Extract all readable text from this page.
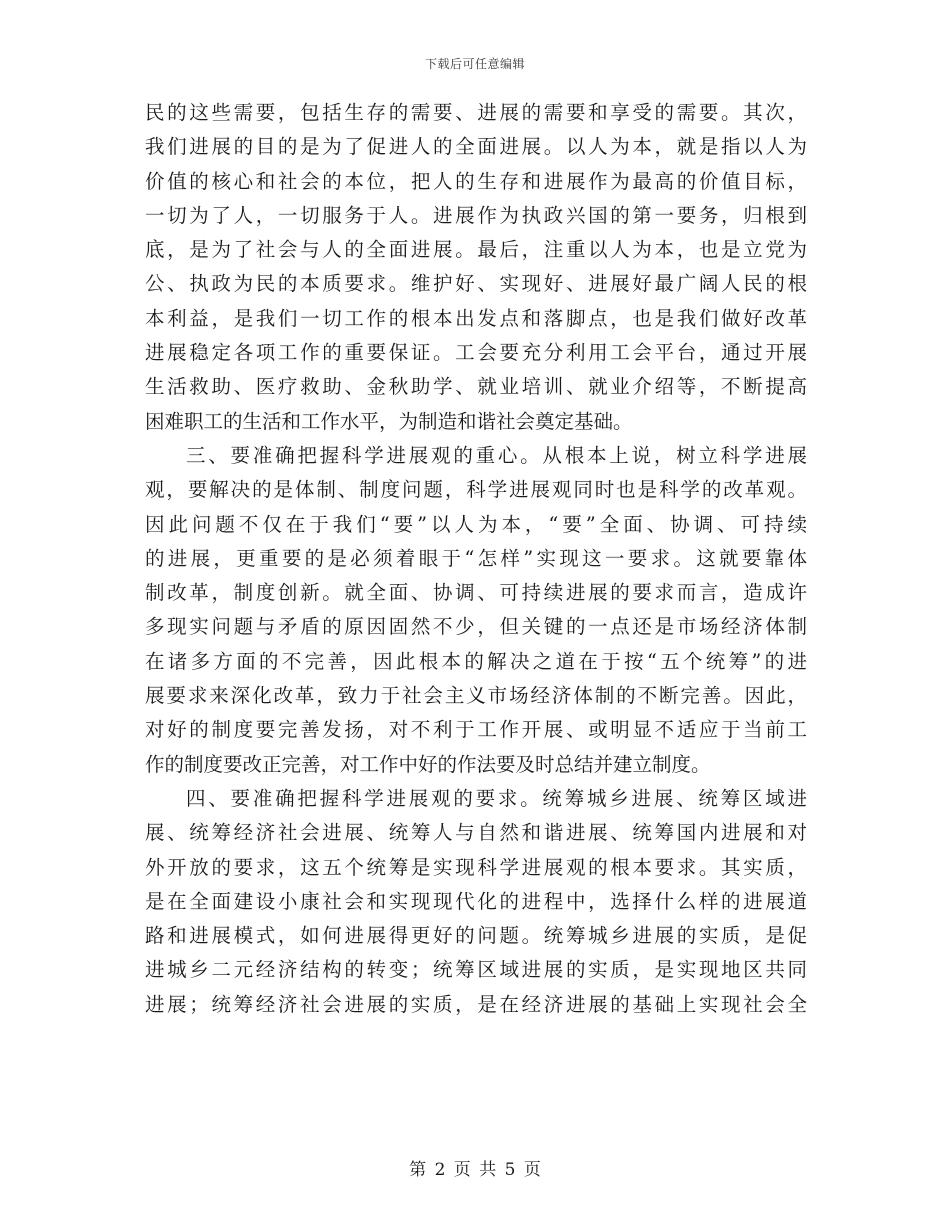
下载后可任意编辑
民的这些需要，包括生存的需要、进展的需要和享受的需要。其次，
我们进展的目的是为了促进人的全面进展。以人为本，就是指以人为
价值的核心和社会的本位，把人的生存和进展作为最高的价值目标，
一切为了人，一切服务于人。进展作为执政兴国的第一要务，归根到
底，是为了社会与人的全面进展。最后，注重以人为本，也是立党为
公、执政为民的本质要求。维护好、实现好、进展好最广阔人民的根
本利益，是我们一切工作的根本出发点和落脚点，也是我们做好改革
进展稳定各项工作的重要保证。工会要充分利用工会平台，通过开展
生活救助、医疗救助、金秋助学、就业培训、就业介绍等，不断提高
困难职工的生活和工作水平，为制造和谐社会奠定基础。
三、要准确把握科学进展观的重心。从根本上说，树立科学进展
观，要解决的是体制、制度问题，科学进展观同时也是科学的改革观。
因此问题不仅在于我们“要”以人为本，“要”全面、协调、可持续
的进展，更重要的是必须着眼于“怎样”实现这一要求。这就要靠体
制改革，制度创新。就全面、协调、可持续进展的要求而言，造成许
多现实问题与矛盾的原因固然不少，但关键的一点还是市场经济体制
在诸多方面的不完善，因此根本的解决之道在于按“五个统筹”的进
展要求来深化改革，致力于社会主义市场经济体制的不断完善。因此，
对好的制度要完善发扬，对不利于工作开展、或明显不适应于当前工
作的制度要改正完善，对工作中好的作法要及时总结并建立制度。
四、要准确把握科学进展观的要求。统筹城乡进展、统筹区域进
展、统筹经济社会进展、统筹人与自然和谐进展、统筹国内进展和对
外开放的要求，这五个统筹是实现科学进展观的根本要求。其实质，
是在全面建设小康社会和实现现代化的进程中，选择什么样的进展道
路和进展模式，如何进展得更好的问题。统筹城乡进展的实质，是促
进城乡二元经济结构的转变；统筹区域进展的实质，是实现地区共同
进展；统筹经济社会进展的实质，是在经济进展的基础上实现社会全
第 2 页 共 5 页
